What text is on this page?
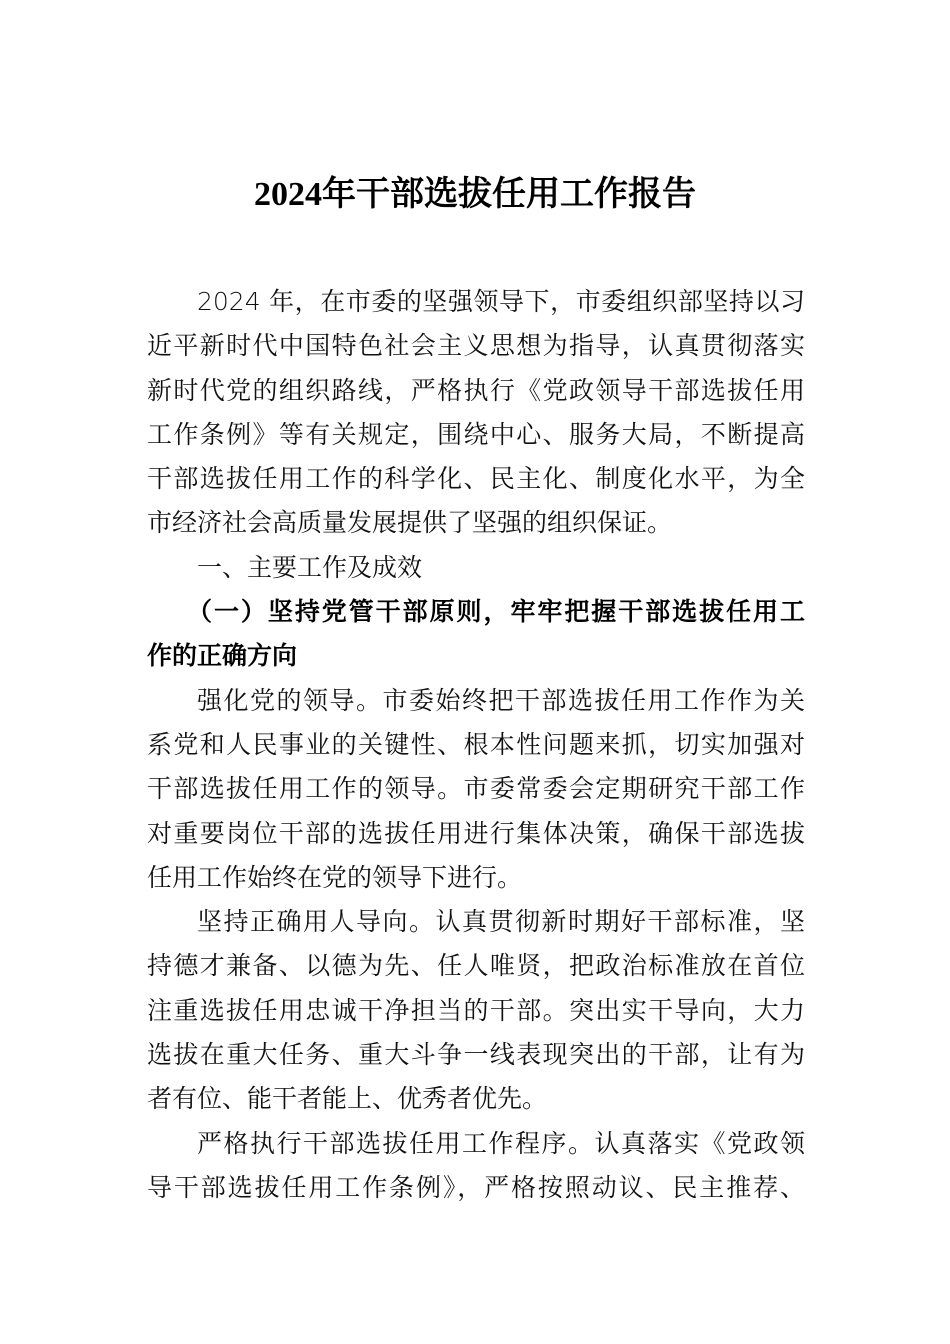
2024年干部选拔任用工作报告
2024 年，在市委的坚强领导下，市委组织部坚持以习
近平新时代中国特色社会主义思想为指导，认真贯彻落实
新时代党的组织路线，严格执行《党政领导干部选拔任用
工作条例》等有关规定，围绕中心、服务大局，不断提高
干部选拔任用工作的科学化、民主化、制度化水平，为全
市经济社会高质量发展提供了坚强的组织保证。
一、主要工作及成效
（一）坚持党管干部原则，牢牢把握干部选拔任用工
作的正确方向
强化党的领导。市委始终把干部选拔任用工作作为关
系党和人民事业的关键性、根本性问题来抓，切实加强对
干部选拔任用工作的领导。市委常委会定期研究干部工作
对重要岗位干部的选拔任用进行集体决策，确保干部选拔
任用工作始终在党的领导下进行。
坚持正确用人导向。认真贯彻新时期好干部标准，坚
持德才兼备、以德为先、任人唯贤，把政治标准放在首位
注重选拔任用忠诚干净担当的干部。突出实干导向，大力
选拔在重大任务、重大斗争一线表现突出的干部，让有为
者有位、能干者能上、优秀者优先。
严格执行干部选拔任用工作程序。认真落实《党政领
导干部选拔任用工作条例》，严格按照动议、民主推荐、
